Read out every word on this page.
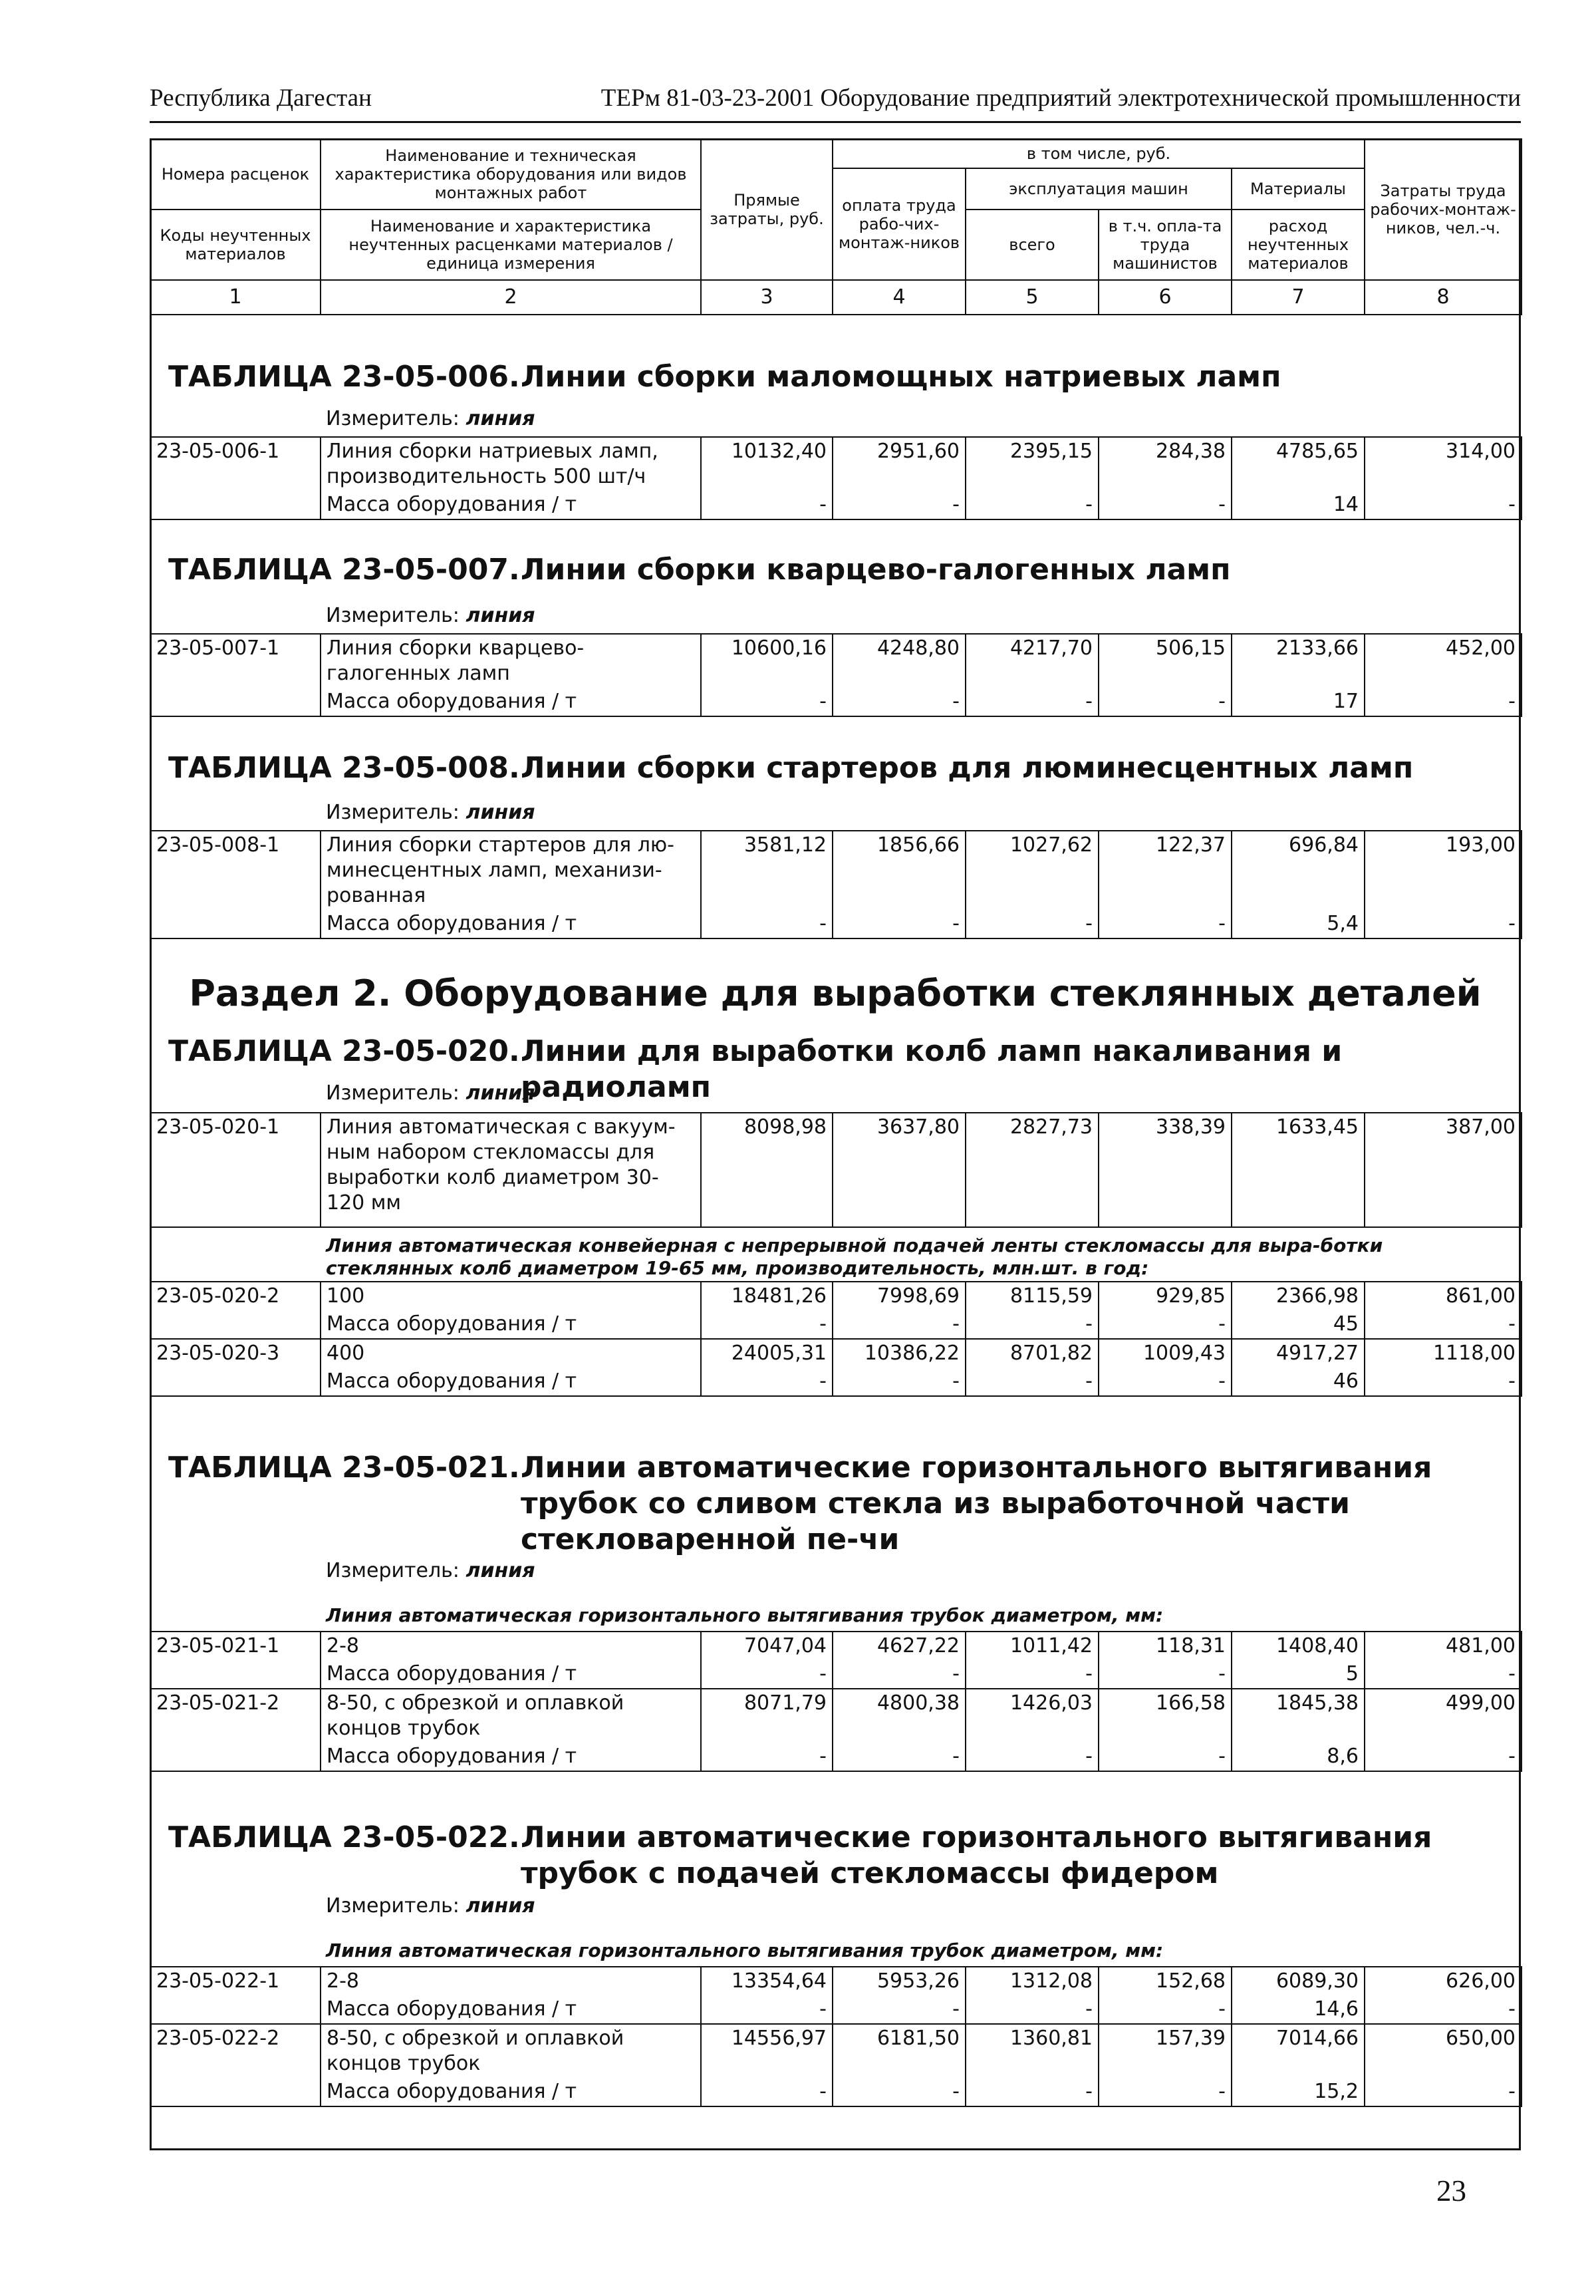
Республика Дагестан	ТЕРм 81-03-23-2001 Оборудование предприятий электротехнической промышленности
Номера расценок	Наименование и техническая характеристика оборудования или видов монтажных работ	Прямые затраты, руб.	в том числе, руб.				Затраты труда рабочих-монтаж-ников, чел.-ч.
			оплата труда рабо-чих-монтаж-ников	эксплуатация машин		Материалы	
Коды неучтенных материалов	Наименование и характеристика неучтенных расценками материалов / единица измерения			всего	в т.ч. опла-та труда машинистов	расход неучтенных материалов	

1	2	3	4	5	6	7	8
ТАБЛИЦА 23-05-006. Линии сборки маломощных натриевых ламп
Измеритель: линия
23-05-006-1	Линия сборки натриевых ламп, производительность 500 шт/ч	10132,40	2951,60	2395,15	284,38	4785,65	314,00
	Масса оборудования / т	-	-	-	-	14	-
ТАБЛИЦА 23-05-007. Линии сборки кварцево-галогенных ламп
Измеритель: линия
23-05-007-1	Линия сборки кварцево-галогенных ламп	10600,16	4248,80	4217,70	506,15	2133,66	452,00
	Масса оборудования / т	-	-	-	-	17	-
ТАБЛИЦА 23-05-008. Линии сборки стартеров для люминесцентных ламп
Измеритель: линия
23-05-008-1	Линия сборки стартеров для лю-минесцентных ламп, механизи-рованная	3581,12	1856,66	1027,62	122,37	696,84	193,00
	Масса оборудования / т	-	-	-	-	5,4	-
Раздел 2. Оборудование для выработки стеклянных деталей
ТАБЛИЦА 23-05-020. Линии для выработки колб ламп накаливания и радиоламп
Измеритель: линия
23-05-020-1	Линия автоматическая с вакуум-ным набором стекломассы для выработки колб диаметром 30-120 мм	8098,98	3637,80	2827,73	338,39	1633,45	387,00
Линия автоматическая конвейерная с непрерывной подачей ленты стекломассы для выра-ботки стеклянных колб диаметром 19-65 мм, производительность, млн.шт. в год:
23-05-020-2	100	18481,26	7998,69	8115,59	929,85	2366,98	861,00
	Масса оборудования / т	-	-	-	-	45	-
23-05-020-3	400	24005,31	10386,22	8701,82	1009,43	4917,27	1118,00
	Масса оборудования / т	-	-	-	-	46	-
ТАБЛИЦА 23-05-021. Линии автоматические горизонтального вытягивания трубок со сливом стекла из выработочной части стекловаренной пе-чи
Измеритель: линия
Линия автоматическая горизонтального вытягивания трубок диаметром, мм:
23-05-021-1	2-8	7047,04	4627,22	1011,42	118,31	1408,40	481,00
	Масса оборудования / т	-	-	-	-	5	-
23-05-021-2	8-50, с обрезкой и оплавкой концов трубок	8071,79	4800,38	1426,03	166,58	1845,38	499,00
	Масса оборудования / т	-	-	-	-	8,6	-
ТАБЛИЦА 23-05-022. Линии автоматические горизонтального вытягивания трубок с подачей стекломассы фидером
Измеритель: линия
Линия автоматическая горизонтального вытягивания трубок диаметром, мм:
23-05-022-1	2-8	13354,64	5953,26	1312,08	152,68	6089,30	626,00
	Масса оборудования / т	-	-	-	-	14,6	-
23-05-022-2	8-50, с обрезкой и оплавкой концов трубок	14556,97	6181,50	1360,81	157,39	7014,66	650,00
	Масса оборудования / т	-	-	-	-	15,2	-
23
